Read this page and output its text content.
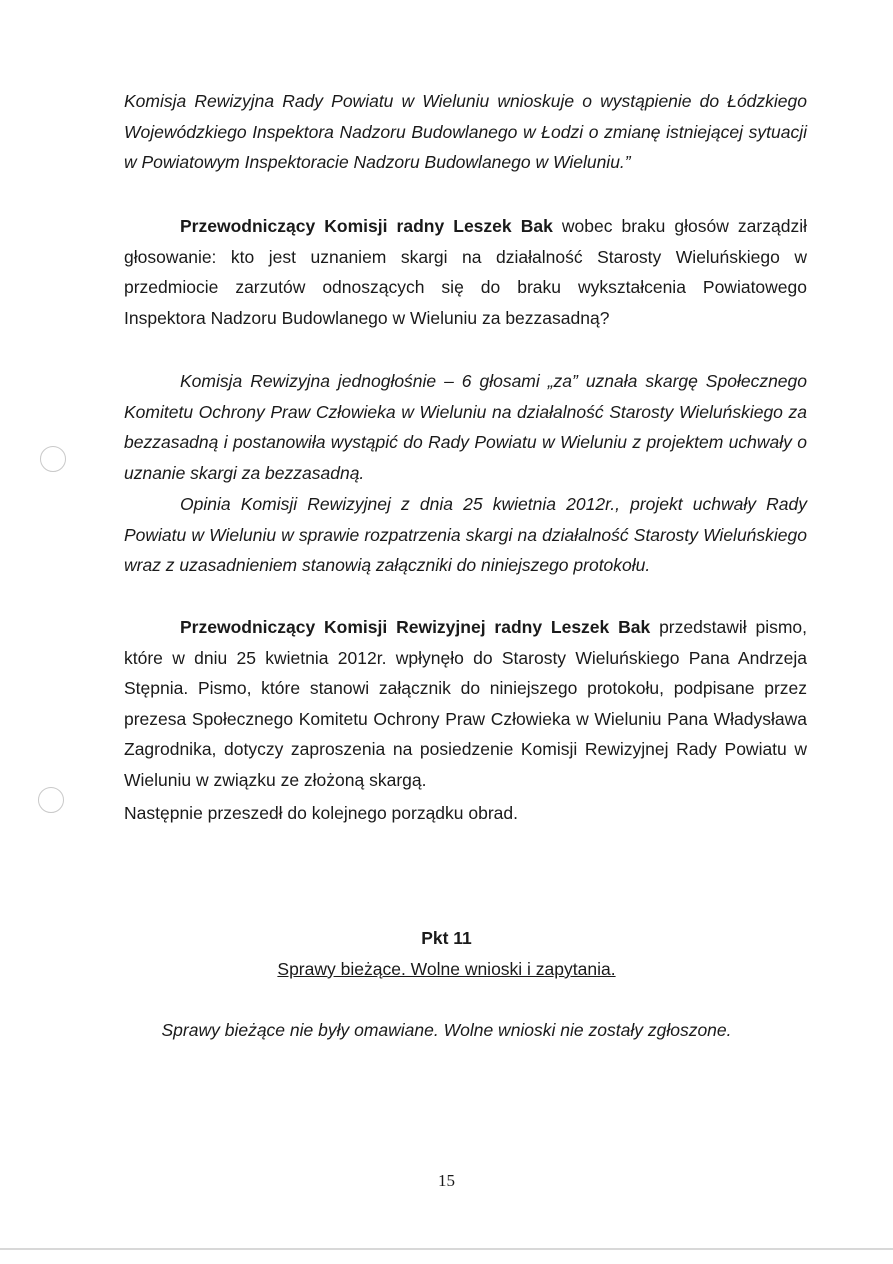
Komisja Rewizyjna Rady Powiatu w Wieluniu wnioskuje o wystąpienie do Łódzkiego Wojewódzkiego Inspektora Nadzoru Budowlanego w Łodzi o zmianę istniejącej sytuacji w Powiatowym Inspektoracie Nadzoru Budowlanego w Wieluniu.”

Przewodniczący Komisji radny Leszek Bak wobec braku głosów zarządził głosowanie: kto jest uznaniem skargi na działalność Starosty Wieluńskiego w przedmiocie zarzutów odnoszących się do braku wykształcenia Powiatowego Inspektora Nadzoru Budowlanego w Wieluniu za bezzasadną?

Komisja Rewizyjna jednogłośnie – 6 głosami „za” uznała skargę Społecznego Komitetu Ochrony Praw Człowieka w Wieluniu na działalność Starosty Wieluńskiego za bezzasadną i postanowiła wystąpić do Rady Powiatu w Wieluniu z projektem uchwały o uznanie skargi za bezzasadną.

Opinia Komisji Rewizyjnej z dnia 25 kwietnia 2012r., projekt uchwały Rady Powiatu w Wieluniu w sprawie rozpatrzenia skargi na działalność Starosty Wieluńskiego wraz z uzasadnieniem stanowią załączniki do niniejszego protokołu.

Przewodniczący Komisji Rewizyjnej radny Leszek Bak przedstawił pismo, które w dniu 25 kwietnia 2012r. wpłynęło do Starosty Wieluńskiego Pana Andrzeja Stępnia. Pismo, które stanowi załącznik do niniejszego protokołu, podpisane przez prezesa Społecznego Komitetu Ochrony Praw Człowieka w Wieluniu Pana Władysława Zagrodnika, dotyczy zaproszenia na posiedzenie Komisji Rewizyjnej Rady Powiatu w Wieluniu w związku ze złożoną skargą.

Następnie przeszedł do kolejnego porządku obrad.

Pkt 11

Sprawy bieżące. Wolne wnioski i zapytania.

Sprawy bieżące nie były omawiane. Wolne wnioski nie zostały zgłoszone.

15
